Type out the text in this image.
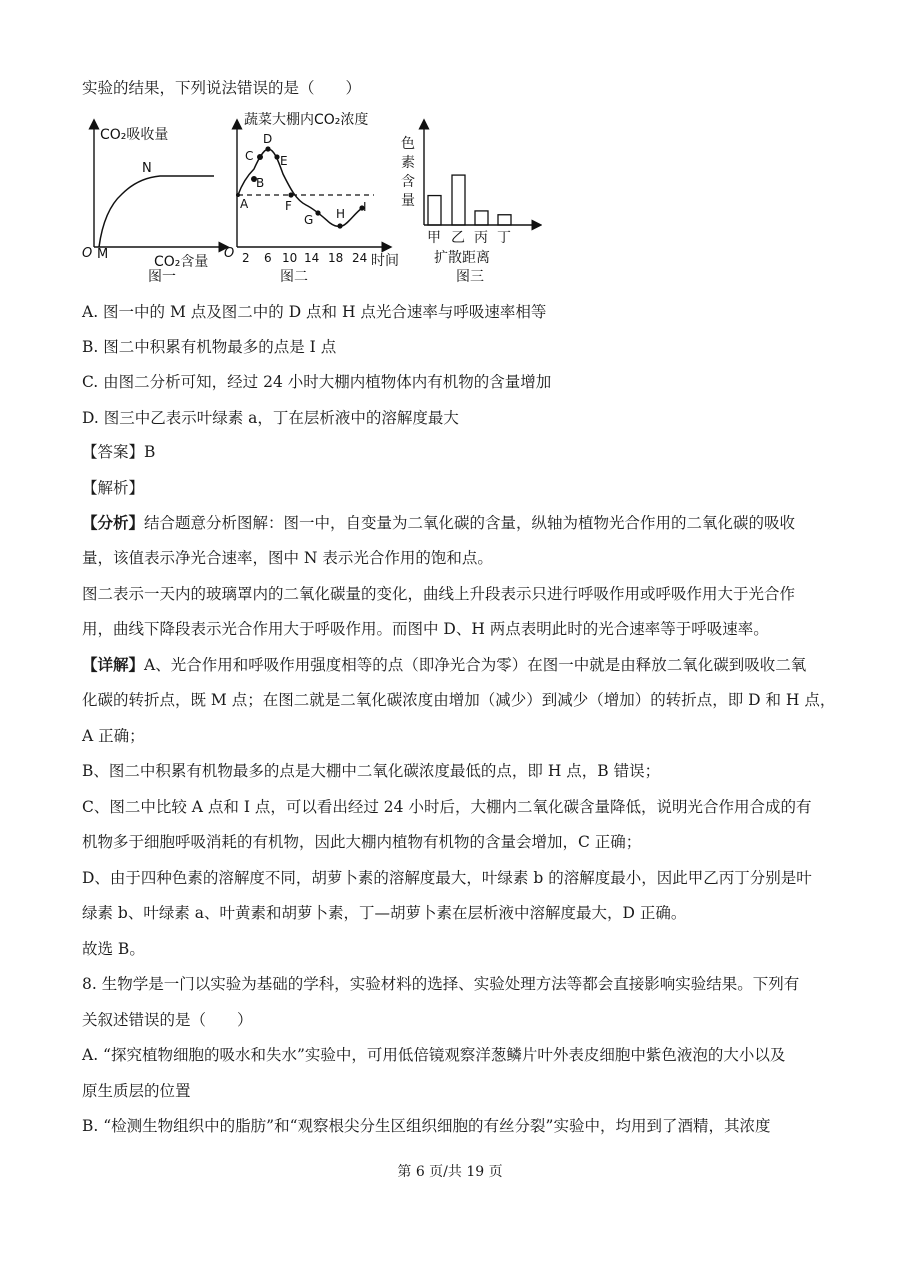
实验的结果，下列说法错误的是（　　）
CO₂吸收量
O M
N
CO₂含量
图一
蔬菜大棚内CO₂浓度
O
A
B
C
D
E
F
G H I
2 6 10 14 18 24 时间
图二
色
素
含
量
甲 乙 丙 丁
扩散距离
图三
A. 图一中的 M 点及图二中的 D 点和 H 点光合速率与呼吸速率相等
B. 图二中积累有机物最多的点是 I 点
C. 由图二分析可知，经过 24 小时大棚内植物体内有机物的含量增加
D. 图三中乙表示叶绿素 a，丁在层析液中的溶解度最大
【答案】B
【解析】
【分析】结合题意分析图解：图一中，自变量为二氧化碳的含量，纵轴为植物光合作用的二氧化碳的吸收
量，该值表示净光合速率，图中 N 表示光合作用的饱和点。
图二表示一天内的玻璃罩内的二氧化碳量的变化，曲线上升段表示只进行呼吸作用或呼吸作用大于光合作
用，曲线下降段表示光合作用大于呼吸作用。而图中 D、H 两点表明此时的光合速率等于呼吸速率。
【详解】A、光合作用和呼吸作用强度相等的点（即净光合为零）在图一中就是由释放二氧化碳到吸收二氧
化碳的转折点，既 M 点；在图二就是二氧化碳浓度由增加（减少）到减少（增加）的转折点，即 D 和 H 点，
A 正确；
B、图二中积累有机物最多的点是大棚中二氧化碳浓度最低的点，即 H 点，B 错误；
C、图二中比较 A 点和 I 点，可以看出经过 24 小时后，大棚内二氧化碳含量降低，说明光合作用合成的有
机物多于细胞呼吸消耗的有机物，因此大棚内植物有机物的含量会增加，C 正确；
D、由于四种色素的溶解度不同，胡萝卜素的溶解度最大，叶绿素 b 的溶解度最小，因此甲乙丙丁分别是叶
绿素 b、叶绿素 a、叶黄素和胡萝卜素，丁—胡萝卜素在层析液中溶解度最大，D 正确。
故选 B。
8. 生物学是一门以实验为基础的学科，实验材料的选择、实验处理方法等都会直接影响实验结果。下列有
关叙述错误的是（　　）
A. “探究植物细胞的吸水和失水”实验中，可用低倍镜观察洋葱鳞片叶外表皮细胞中紫色液泡的大小以及
原生质层的位置
B. “检测生物组织中的脂肪”和“观察根尖分生区组织细胞的有丝分裂”实验中，均用到了酒精，其浓度
第 6 页/共 19 页
